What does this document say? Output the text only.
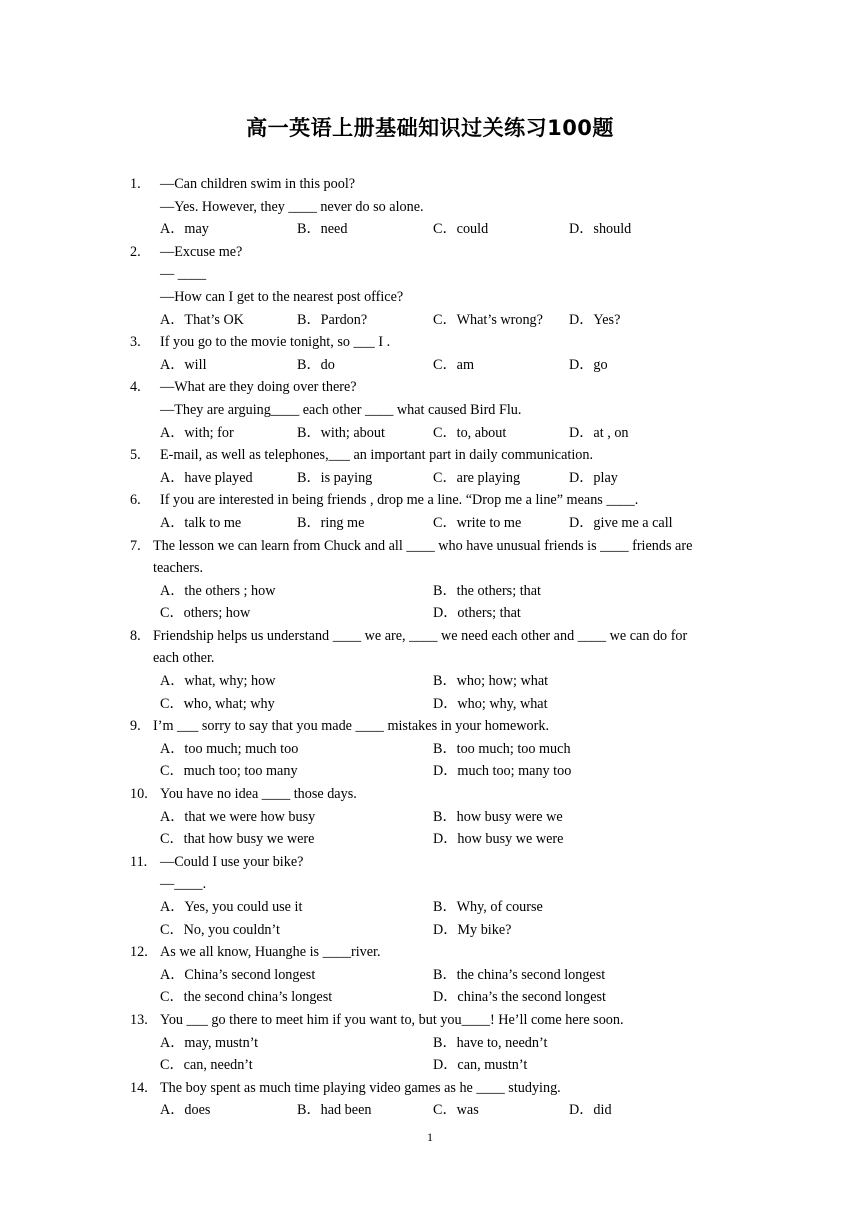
高一英语上册基础知识过关练习100题
1. —Can children swim in this pool?
—Yes. However, they ____ never do so alone.
A．may	B．need	C．could	D．should
2. —Excuse me?
— ____
—How can I get to the nearest post office?
A．That’s OK	B．Pardon?	C．What’s wrong? D．Yes?
3. If you go to the movie tonight, so ___ I .
A．will	B．do	C．am	D．go
4. —What are they doing over there?
—They are arguing____ each other ____ what caused Bird Flu.
A．with; for	B．with; about	C．to, about	D．at , on
5. E-mail, as well as telephones,___ an important part in daily communication.
A．have played	B．is paying	C．are playing	D．play
6. If you are interested in being friends , drop me a line. “Drop me a line” means ____.
A．talk to me	B．ring me	C．write to me	D．give me a call
7. The lesson we can learn from Chuck and all ____ who have unusual friends is ____ friends are
teachers.
A．the others ; how	B．the others; that
C．others; how	D．others; that
8. Friendship helps us understand ____ we are, ____ we need each other and ____ we can do for
each other.
A．what, why; how	B．who; how; what
C．who, what; why	D．who; why, what
9. I’m ___ sorry to say that you made ____ mistakes in your homework.
A．too much; much too	B．too much; too much
C．much too; too many	D．much too; many too
10. You have no idea ____ those days.
A．that we were how busy	B．how busy were we
C．that how busy we were	D．how busy we were
11. —Could I use your bike?
—____.
A．Yes, you could use it	B．Why, of course
C．No, you couldn’t	D．My bike?
12. As we all know, Huanghe is ____river.
A．China’s second longest	B．the china’s second longest
C．the second china’s longest	D．china’s the second longest
13. You ___ go there to meet him if you want to, but you____! He’ll come here soon.
A．may, mustn’t	B．have to, needn’t
C．can, needn’t	D．can, mustn’t
14. The boy spent as much time playing video games as he ____ studying.
A．does	B．had been	C．was	D．did
1
